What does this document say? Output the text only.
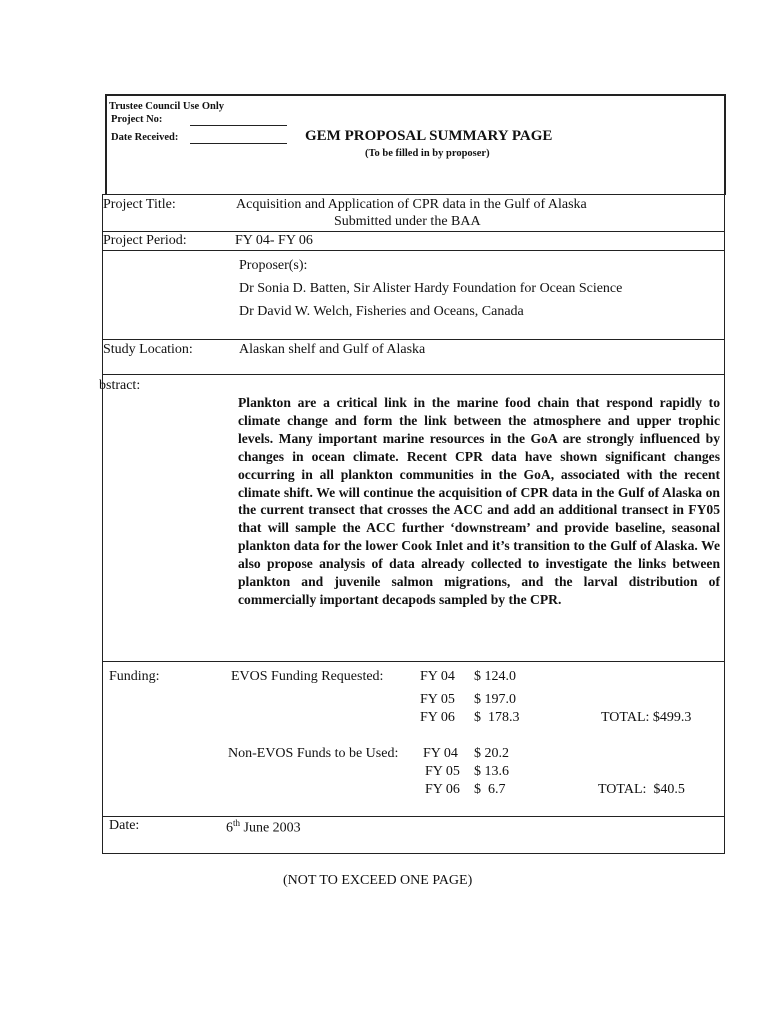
Trustee Council Use Only
Project No:
Date Received:	GEM PROPOSAL SUMMARY PAGE
(To be filled in by proposer)
Project Title:	Acquisition and Application of CPR data in the Gulf of Alaska
Submitted under the BAA
Project Period:	FY 04- FY 06
Proposer(s):
Dr Sonia D. Batten, Sir Alister Hardy Foundation for Ocean Science
Dr David W. Welch, Fisheries and Oceans, Canada
Study Location:	Alaskan shelf and Gulf of Alaska
bstract:
Plankton are a critical link in the marine food chain that respond rapidly to climate change and form the link between the atmosphere and upper trophic levels. Many important marine resources in the GoA are strongly influenced by changes in ocean climate. Recent CPR data have shown significant changes occurring in all plankton communities in the GoA, associated with the recent climate shift. We will continue the acquisition of CPR data in the Gulf of Alaska on the current transect that crosses the ACC and add an additional transect in FY05 that will sample the ACC further ‘downstream’ and provide baseline, seasonal plankton data for the lower Cook Inlet and it’s transition to the Gulf of Alaska. We also propose analysis of data already collected to investigate the links between plankton and juvenile salmon migrations, and the larval distribution of commercially important decapods sampled by the CPR.
Funding:	EVOS Funding Requested:	FY 04 $ 124.0
FY 05 $ 197.0
FY 06 $  178.3	TOTAL: $499.3
Non-EVOS Funds to be Used: FY 04 $ 20.2
FY 05 $ 13.6
FY 06 $  6.7	TOTAL:  $40.5
Date:	6th June 2003
(NOT TO EXCEED ONE PAGE)
